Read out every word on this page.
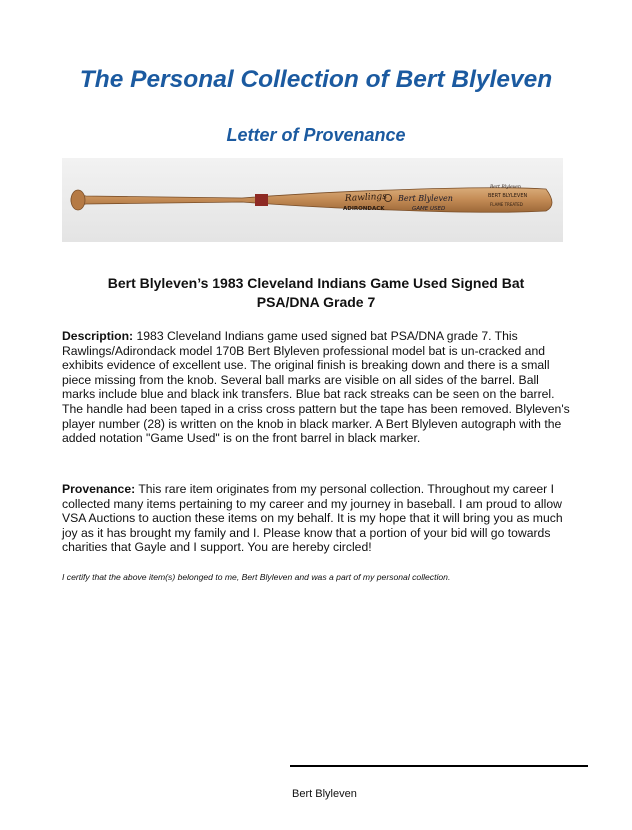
The Personal Collection of Bert Blyleven
Letter of Provenance
Rawlings
ADIRONDACK
Bert Blyleven
GAME USED
Bert Blyleven
BERT BLYLEVEN
FLAME TREATED
Bert Blyleven’s 1983 Cleveland Indians Game Used Signed Bat
PSA/DNA Grade 7

Description: 1983 Cleveland Indians game used signed bat PSA/DNA grade 7. This Rawlings/Adirondack model 170B Bert Blyleven professional model bat is un-cracked and exhibits evidence of excellent use. The original finish is breaking down and there is a small piece missing from the knob. Several ball marks are visible on all sides of the barrel. Ball marks include blue and black ink transfers. Blue bat rack streaks can be seen on the barrel. The handle had been taped in a criss cross pattern but the tape has been removed. Blyleven's player number (28) is written on the knob in black marker. A Bert Blyleven autograph with the added notation "Game Used" is on the front barrel in black marker.

Provenance: This rare item originates from my personal collection. Throughout my career I collected many items pertaining to my career and my journey in baseball. I am proud to allow VSA Auctions to auction these items on my behalf. It is my hope that it will bring you as much joy as it has brought my family and I. Please know that a portion of your bid will go towards charities that Gayle and I support. You are hereby circled!

I certify that the above item(s) belonged to me, Bert Blyleven and was a part of my personal collection.
Bert Blyleven
